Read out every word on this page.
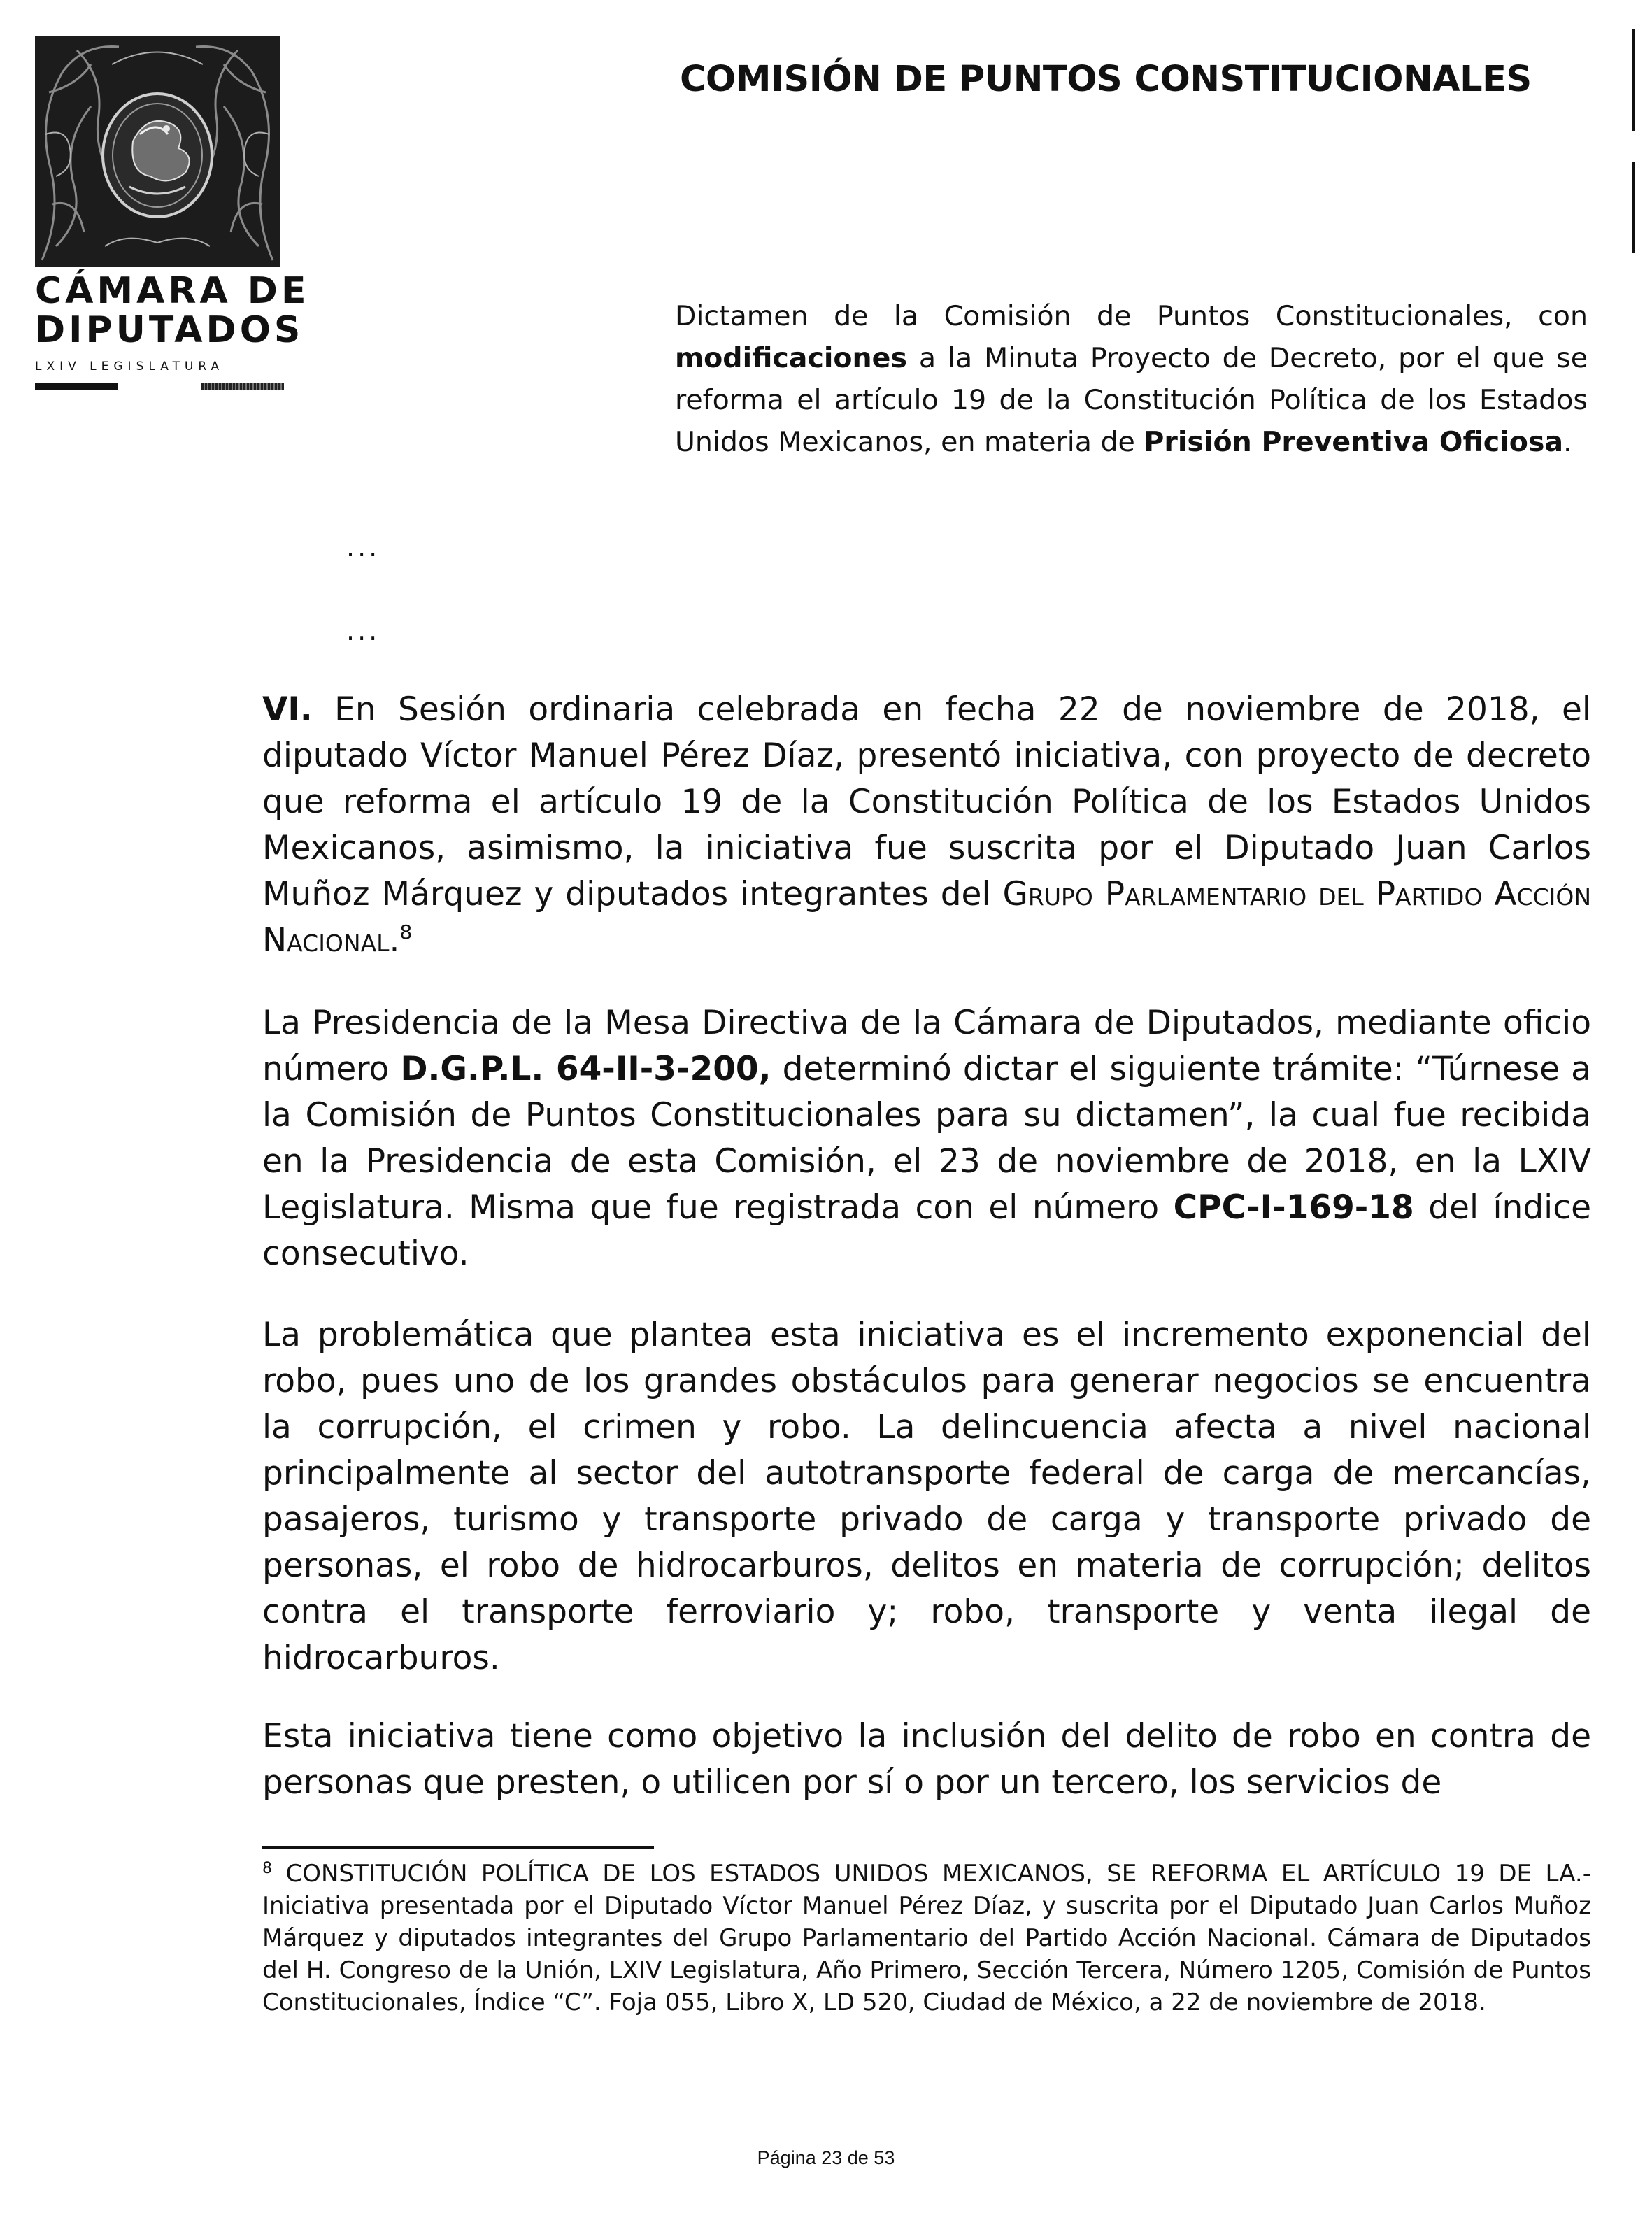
CÁMARA DE
DIPUTADOS
LXIV LEGISLATURA
COMISIÓN DE PUNTOS CONSTITUCIONALES
Dictamen de la Comisión de Puntos Constitucionales, con modificaciones a la Minuta Proyecto de Decreto, por el que se reforma el artículo 19 de la Constitución Política de los Estados Unidos Mexicanos, en materia de Prisión Preventiva Oficiosa.
...
...
VI. En Sesión ordinaria celebrada en fecha 22 de noviembre de 2018, el diputado Víctor Manuel Pérez Díaz, presentó iniciativa, con proyecto de decreto que reforma el artículo 19 de la Constitución Política de los Estados Unidos Mexicanos, asimismo, la iniciativa fue suscrita por el Diputado Juan Carlos Muñoz Márquez y diputados integrantes del Grupo Parlamentario del Partido Acción Nacional.$^8$
La Presidencia de la Mesa Directiva de la Cámara de Diputados, mediante oficio número D.G.P.L. 64-II-3-200, determinó dictar el siguiente trámite: “Túrnese a la Comisión de Puntos Constitucionales para su dictamen”, la cual fue recibida en la Presidencia de esta Comisión, el 23 de noviembre de 2018, en la LXIV Legislatura. Misma que fue registrada con el número CPC-I-169-18 del índice consecutivo.
La problemática que plantea esta iniciativa es el incremento exponencial del robo, pues uno de los grandes obstáculos para generar negocios se encuentra la corrupción, el crimen y robo. La delincuencia afecta a nivel nacional principalmente al sector del autotransporte federal de carga de mercancías, pasajeros, turismo y transporte privado de carga y transporte privado de personas, el robo de hidrocarburos, delitos en materia de corrupción; delitos contra el transporte ferroviario y; robo, transporte y venta ilegal de hidrocarburos.
Esta iniciativa tiene como objetivo la inclusión del delito de robo en contra de personas que presten, o utilicen por sí o por un tercero, los servicios de
$^8$ CONSTITUCIÓN POLÍTICA DE LOS ESTADOS UNIDOS MEXICANOS, SE REFORMA EL ARTÍCULO 19 DE LA.- Iniciativa presentada por el Diputado Víctor Manuel Pérez Díaz, y suscrita por el Diputado Juan Carlos Muñoz Márquez y diputados integrantes del Grupo Parlamentario del Partido Acción Nacional. Cámara de Diputados del H. Congreso de la Unión, LXIV Legislatura, Año Primero, Sección Tercera, Número 1205, Comisión de Puntos Constitucionales, Índice “C”. Foja 055, Libro X, LD 520, Ciudad de México, a 22 de noviembre de 2018.
Página 23 de 53
